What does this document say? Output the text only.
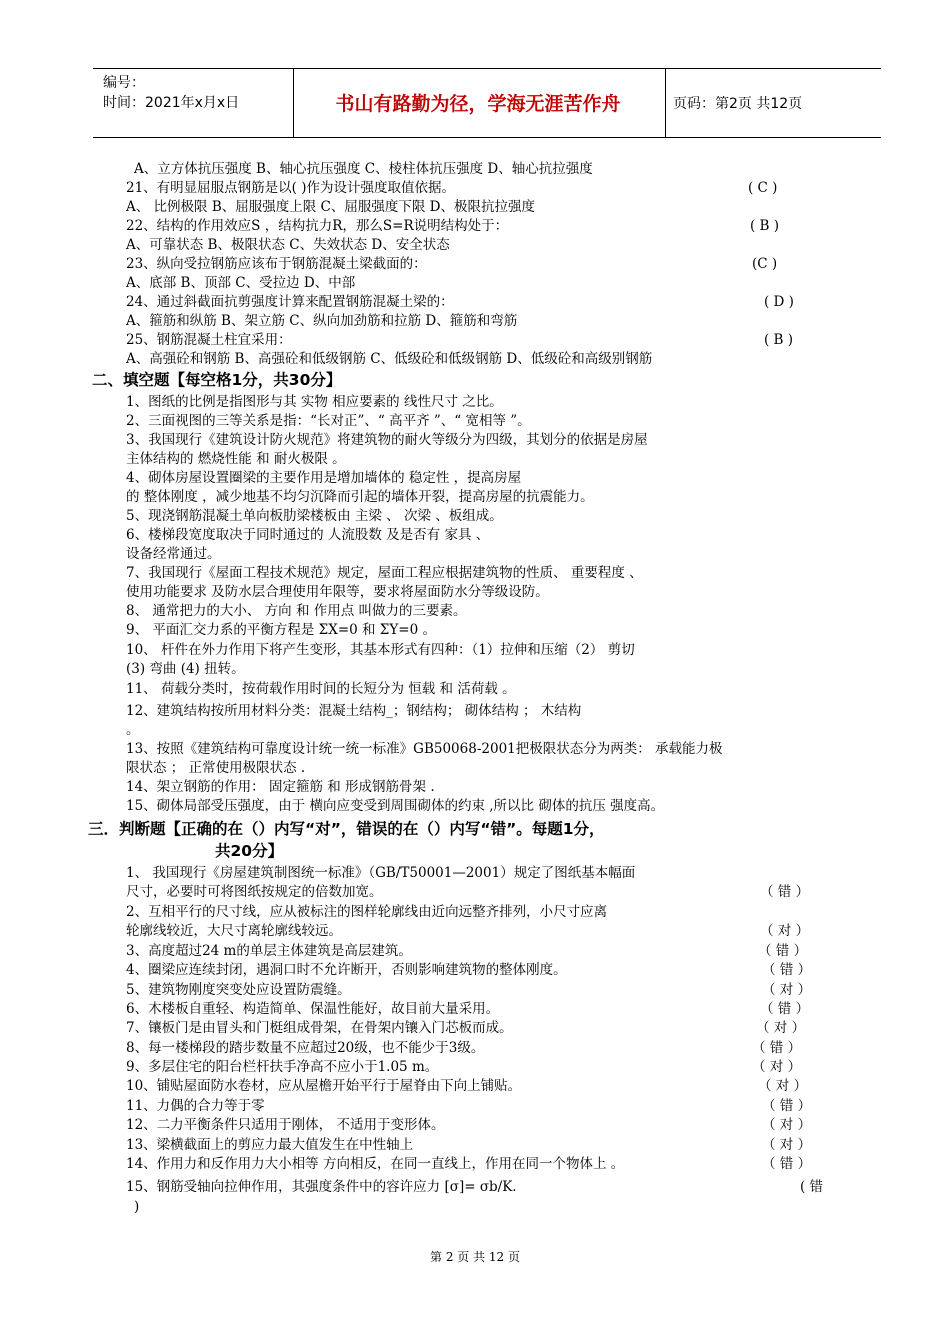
编号：
时间：2021年x月x日	书山有路勤为径，学海无涯苦作舟	页码：第2页 共12页
A、立方体抗压强度 B、轴心抗压强度 C、棱柱体抗压强度 D、轴心抗拉强度
21、有明显屈服点钢筋是以( )作为设计强度取值依据。	( C )
A、 比例极限 B、屈服强度上限 C、屈服强度下限 D、极限抗拉强度
22、结构的作用效应S ，结构抗力R，那么S=R说明结构处于：	( B )
A、可靠状态 B、极限状态 C、失效状态 D、安全状态
23、纵向受拉钢筋应该布于钢筋混凝土梁截面的：	(C )
A、底部 B、顶部 C、受拉边 D、中部
24、通过斜截面抗剪强度计算来配置钢筋混凝土梁的：	( D )
A、箍筋和纵筋 B、架立筋 C、纵向加劲筋和拉筋 D、箍筋和弯筋
25、钢筋混凝土柱宜采用：	( B )
A、高强砼和钢筋 B、高强砼和低级钢筋 C、低级砼和低级钢筋 D、低级砼和高级别钢筋
二、填空题【每空格1分，共30分】
1、图纸的比例是指图形与其 实物 相应要素的 线性尺寸 之比。
2、三面视图的三等关系是指：“长对正”、“ 高平齐 ”、“ 宽相等 ”。
3、我国现行《建筑设计防火规范》将建筑物的耐火等级分为四级，其划分的依据是房屋
主体结构的 燃烧性能 和 耐火极限 。
4、砌体房屋设置圈梁的主要作用是增加墙体的 稳定性 ，提高房屋
的 整体刚度 ，减少地基不均匀沉降而引起的墙体开裂，提高房屋的抗震能力。
5、现浇钢筋混凝土单向板肋梁楼板由 主梁 、 次梁 、板组成。
6、楼梯段宽度取决于同时通过的 人流股数 及是否有 家具 、
设备经常通过。
7、我国现行《屋面工程技术规范》规定，屋面工程应根据建筑物的性质、 重要程度 、
使用功能要求 及防水层合理使用年限等，要求将屋面防水分等级设防。
8、 通常把力的大小、 方向 和 作用点 叫做力的三要素。
9、 平面汇交力系的平衡方程是 ΣX=0 和 ΣY=0 。
10、 杆件在外力作用下将产生变形，其基本形式有四种：（1）拉伸和压缩（2） 剪切
(3) 弯曲 (4) 扭转。
11、 荷载分类时，按荷载作用时间的长短分为 恒载 和 活荷载 。
12、建筑结构按所用材料分类：混凝土结构_；钢结构； 砌体结构 ； 木结构
。
13、按照《建筑结构可靠度设计统一统一标准》GB50068-2001把极限状态分为两类： 承载能力极
限状态 ； 正常使用极限状态 .
14、架立钢筋的作用： 固定箍筋 和 形成钢筋骨架 .
15、砌体局部受压强度，由于 横向应变受到周围砌体的约束 ,所以比 砌体的抗压 强度高。
三．判断题【正确的在（）内写“对”，错误的在（）内写“错”。每题1分，
共20分】
1、 我国现行《房屋建筑制图统一标准》（GB/T50001—2001）规定了图纸基本幅面
尺寸，必要时可将图纸按规定的倍数加宽。	（ 错 ）
2、互相平行的尺寸线，应从被标注的图样轮廓线由近向远整齐排列，小尺寸应离
轮廓线较近，大尺寸离轮廓线较远。	（ 对 ）
3、高度超过24 m的单层主体建筑是高层建筑。	（ 错 ）
4、圈梁应连续封闭，遇洞口时不允许断开，否则影响建筑物的整体刚度。	（ 错 ）
5、建筑物刚度突变处应设置防震缝。	（ 对 ）
6、木楼板自重轻、构造简单、保温性能好，故目前大量采用。	（ 错 ）
7、镶板门是由冒头和门梃组成骨架，在骨架内镶入门芯板而成。	（ 对 ）
8、每一楼梯段的踏步数量不应超过20级，也不能少于3级。	（ 错 ）
9、多层住宅的阳台栏杆扶手净高不应小于1.05 m。	（ 对 ）
10、铺贴屋面防水卷材，应从屋檐开始平行于屋脊由下向上铺贴。	（ 对 ）
11、力偶的合力等于零	（ 错 ）
12、二力平衡条件只适用于刚体， 不适用于变形体。	（ 对 ）
13、梁横截面上的剪应力最大值发生在中性轴上	（ 对 ）
14、作用力和反作用力大小相等 方向相反，在同一直线上，作用在同一个物体上 。	（ 错 ）
15、钢筋受轴向拉伸作用，其强度条件中的容许应力 [σ]= σb/K.	( 错
)
第 2 页 共 12 页
